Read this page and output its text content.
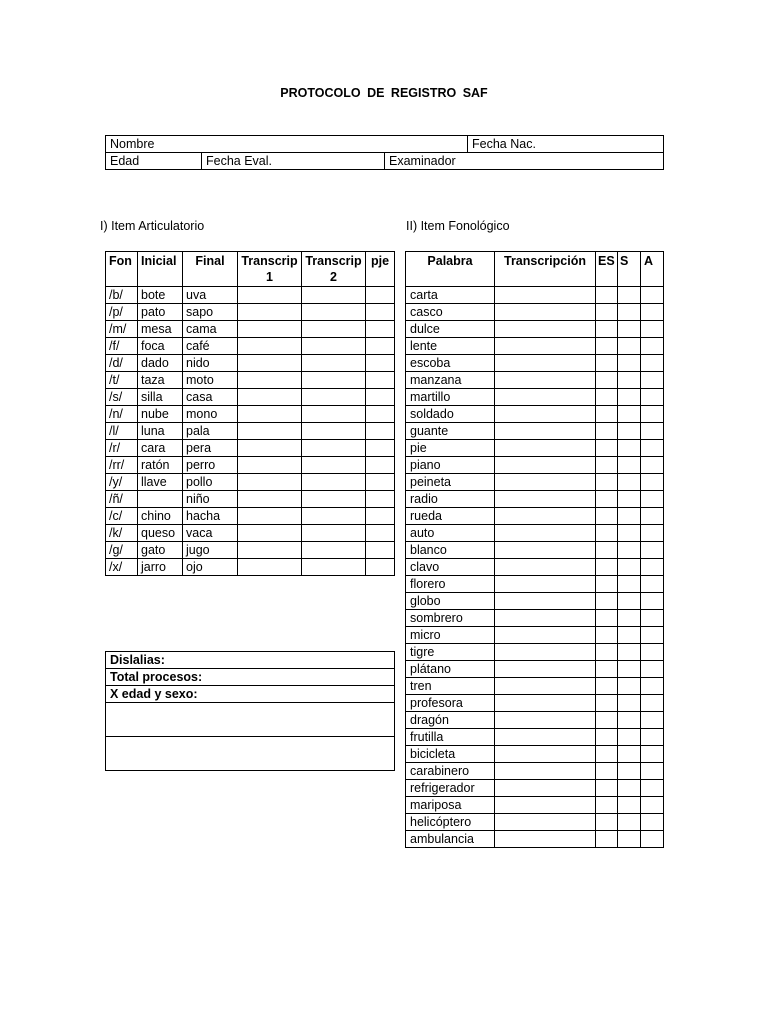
PROTOCOLO DE REGISTRO SAF
Nombre			Fecha Nac.
Edad	Fecha Eval.	Examinador	
I) Item Articulatorio	II) Item Fonológico
Fon	Inicial	Final	Transcrip 1	Transcrip 2	pje
/b/	bote	uva			
/p/	pato	sapo			
/m/	mesa	cama			
/f/	foca	café			
/d/	dado	nido			
/t/	taza	moto			
/s/	silla	casa			
/n/	nube	mono			
/l/	luna	pala			
/r/	cara	pera			
/rr/	ratón	perro			
/y/	llave	pollo			
/ñ/		niño			
/c/	chino	hacha			
/k/	queso	vaca			
/g/	gato	jugo			
/x/	jarro	ojo			
Dislalias:
Total procesos:
X edad y sexo:

Palabra	Transcripción	ES	S	A
carta				
casco				
dulce				
lente				
escoba				
manzana				
martillo				
soldado				
guante				
pie				
piano				
peineta				
radio				
rueda				
auto				
blanco				
clavo				
florero				
globo				
sombrero				
micro				
tigre				
plátano				
tren				
profesora				
dragón				
frutilla				
bicicleta				
carabinero				
refrigerador				
mariposa				
helicóptero				
ambulancia				
